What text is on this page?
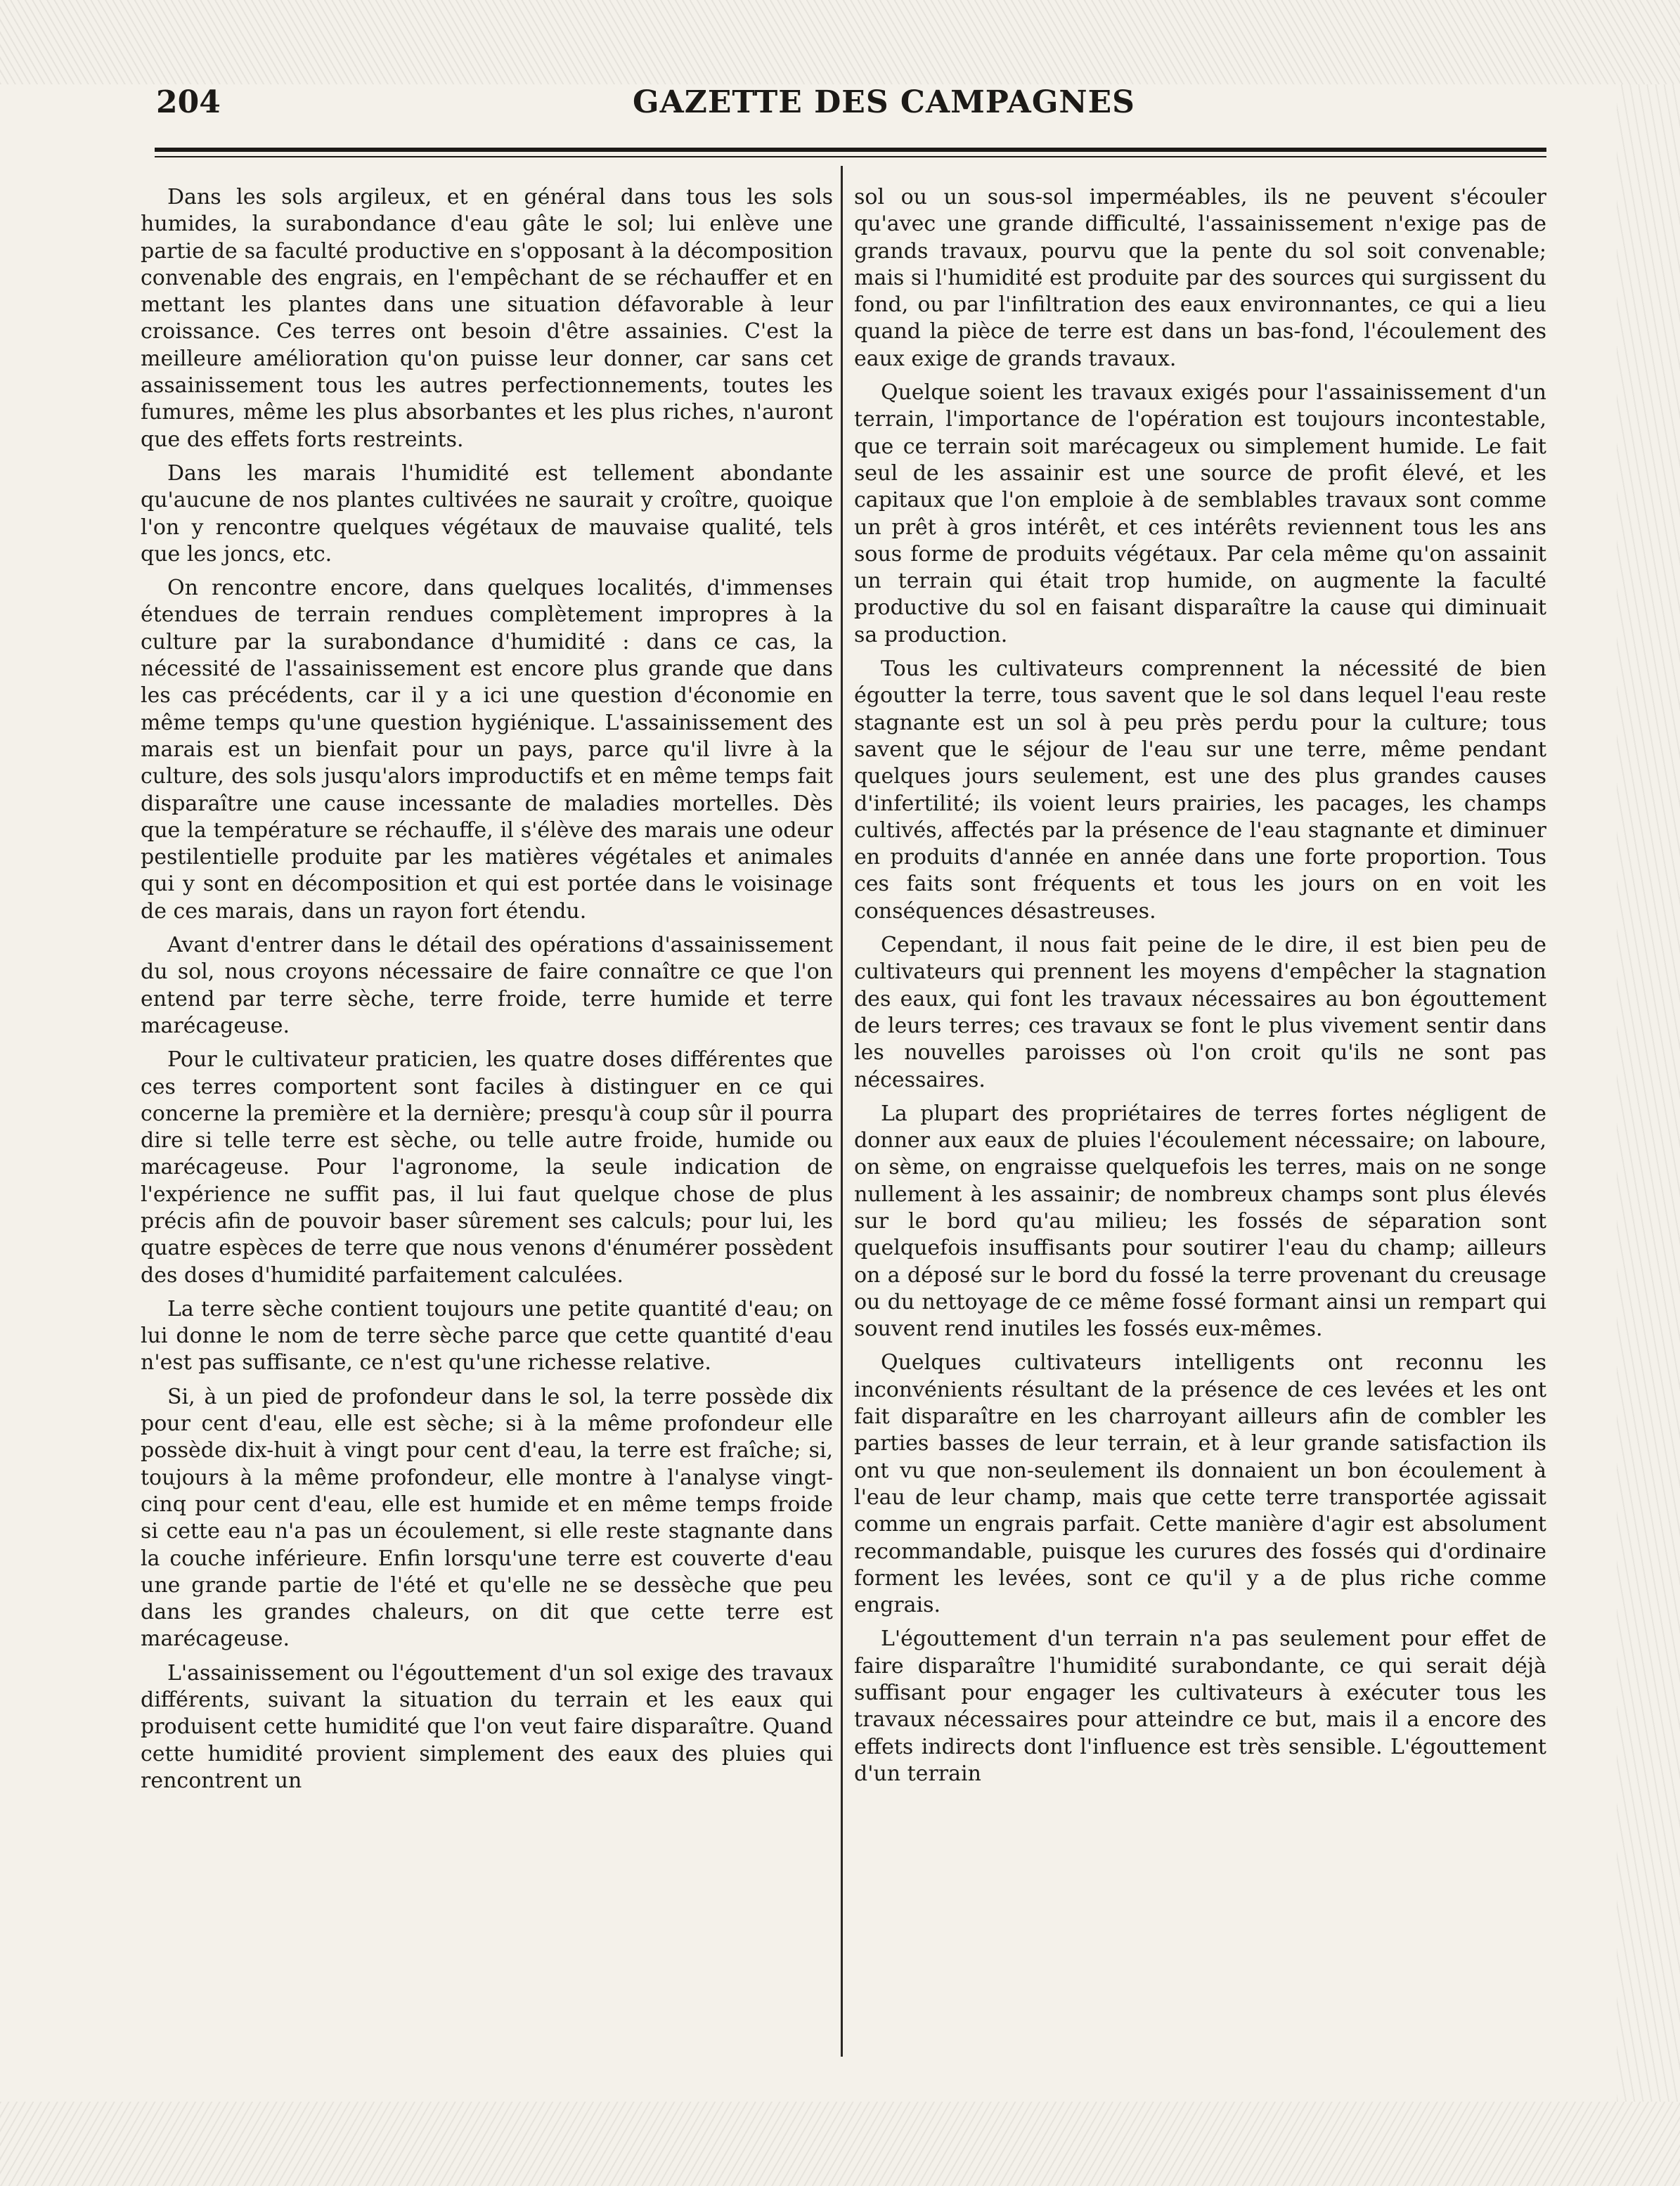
204	GAZETTE DES CAMPAGNES

Dans les sols argileux, et en général dans tous les sols humides, la surabondance d'eau gâte le sol; lui enlève une partie de sa faculté productive en s'opposant à la décomposition convenable des engrais, en l'empêchant de se réchauffer et en mettant les plantes dans une situation défavorable à leur croissance. Ces terres ont besoin d'être assainies. C'est la meilleure amélioration qu'on puisse leur donner, car sans cet assainissement tous les autres perfectionnements, toutes les fumures, même les plus absorbantes et les plus riches, n'auront que des effets forts restreints.

Dans les marais l'humidité est tellement abondante qu'aucune de nos plantes cultivées ne saurait y croître, quoique l'on y rencontre quelques végétaux de mauvaise qualité, tels que les joncs, etc.

On rencontre encore, dans quelques localités, d'immenses étendues de terrain rendues complètement impropres à la culture par la surabondance d'humidité : dans ce cas, la nécessité de l'assainissement est encore plus grande que dans les cas précédents, car il y a ici une question d'économie en même temps qu'une question hygiénique. L'assainissement des marais est un bienfait pour un pays, parce qu'il livre à la culture, des sols jusqu'alors improductifs et en même temps fait disparaître une cause incessante de maladies mortelles. Dès que la température se réchauffe, il s'élève des marais une odeur pestilentielle produite par les matières végétales et animales qui y sont en décomposition et qui est portée dans le voisinage de ces marais, dans un rayon fort étendu.

Avant d'entrer dans le détail des opérations d'assainissement du sol, nous croyons nécessaire de faire connaître ce que l'on entend par terre sèche, terre froide, terre humide et terre marécageuse.

Pour le cultivateur praticien, les quatre doses différentes que ces terres comportent sont faciles à distinguer en ce qui concerne la première et la dernière; presqu'à coup sûr il pourra dire si telle terre est sèche, ou telle autre froide, humide ou marécageuse. Pour l'agronome, la seule indication de l'expérience ne suffit pas, il lui faut quelque chose de plus précis afin de pouvoir baser sûrement ses calculs; pour lui, les quatre espèces de terre que nous venons d'énumérer possèdent des doses d'humidité parfaitement calculées.

La terre sèche contient toujours une petite quantité d'eau; on lui donne le nom de terre sèche parce que cette quantité d'eau n'est pas suffisante, ce n'est qu'une richesse relative.

Si, à un pied de profondeur dans le sol, la terre possède dix pour cent d'eau, elle est sèche; si à la même profondeur elle possède dix-huit à vingt pour cent d'eau, la terre est fraîche; si, toujours à la même profondeur, elle montre à l'analyse vingt-cinq pour cent d'eau, elle est humide et en même temps froide si cette eau n'a pas un écoulement, si elle reste stagnante dans la couche inférieure. Enfin lorsqu'une terre est couverte d'eau une grande partie de l'été et qu'elle ne se dessèche que peu dans les grandes chaleurs, on dit que cette terre est marécageuse.

L'assainissement ou l'égouttement d'un sol exige des travaux différents, suivant la situation du terrain et les eaux qui produisent cette humidité que l'on veut faire disparaître. Quand cette humidité provient simplement des eaux des pluies qui rencontrent un

sol ou un sous-sol imperméables, ils ne peuvent s'écouler qu'avec une grande difficulté, l'assainissement n'exige pas de grands travaux, pourvu que la pente du sol soit convenable; mais si l'humidité est produite par des sources qui surgissent du fond, ou par l'infiltration des eaux environnantes, ce qui a lieu quand la pièce de terre est dans un bas-fond, l'écoulement des eaux exige de grands travaux.

Quelque soient les travaux exigés pour l'assainissement d'un terrain, l'importance de l'opération est toujours incontestable, que ce terrain soit marécageux ou simplement humide. Le fait seul de les assainir est une source de profit élevé, et les capitaux que l'on emploie à de semblables travaux sont comme un prêt à gros intérêt, et ces intérêts reviennent tous les ans sous forme de produits végétaux. Par cela même qu'on assainit un terrain qui était trop humide, on augmente la faculté productive du sol en faisant disparaître la cause qui diminuait sa production.

Tous les cultivateurs comprennent la nécessité de bien égoutter la terre, tous savent que le sol dans lequel l'eau reste stagnante est un sol à peu près perdu pour la culture; tous savent que le séjour de l'eau sur une terre, même pendant quelques jours seulement, est une des plus grandes causes d'infertilité; ils voient leurs prairies, les pacages, les champs cultivés, affectés par la présence de l'eau stagnante et diminuer en produits d'année en année dans une forte proportion. Tous ces faits sont fréquents et tous les jours on en voit les conséquences désastreuses.

Cependant, il nous fait peine de le dire, il est bien peu de cultivateurs qui prennent les moyens d'empêcher la stagnation des eaux, qui font les travaux nécessaires au bon égouttement de leurs terres; ces travaux se font le plus vivement sentir dans les nouvelles paroisses où l'on croit qu'ils ne sont pas nécessaires.

La plupart des propriétaires de terres fortes négligent de donner aux eaux de pluies l'écoulement nécessaire; on laboure, on sème, on engraisse quelquefois les terres, mais on ne songe nullement à les assainir; de nombreux champs sont plus élevés sur le bord qu'au milieu; les fossés de séparation sont quelquefois insuffisants pour soutirer l'eau du champ; ailleurs on a déposé sur le bord du fossé la terre provenant du creusage ou du nettoyage de ce même fossé formant ainsi un rempart qui souvent rend inutiles les fossés eux-mêmes.

Quelques cultivateurs intelligents ont reconnu les inconvénients résultant de la présence de ces levées et les ont fait disparaître en les charroyant ailleurs afin de combler les parties basses de leur terrain, et à leur grande satisfaction ils ont vu que non-seulement ils donnaient un bon écoulement à l'eau de leur champ, mais que cette terre transportée agissait comme un engrais parfait. Cette manière d'agir est absolument recommandable, puisque les curures des fossés qui d'ordinaire forment les levées, sont ce qu'il y a de plus riche comme engrais.

L'égouttement d'un terrain n'a pas seulement pour effet de faire disparaître l'humidité surabondante, ce qui serait déjà suffisant pour engager les cultivateurs à exécuter tous les travaux nécessaires pour atteindre ce but, mais il a encore des effets indirects dont l'influence est très sensible. L'égouttement d'un terrain
